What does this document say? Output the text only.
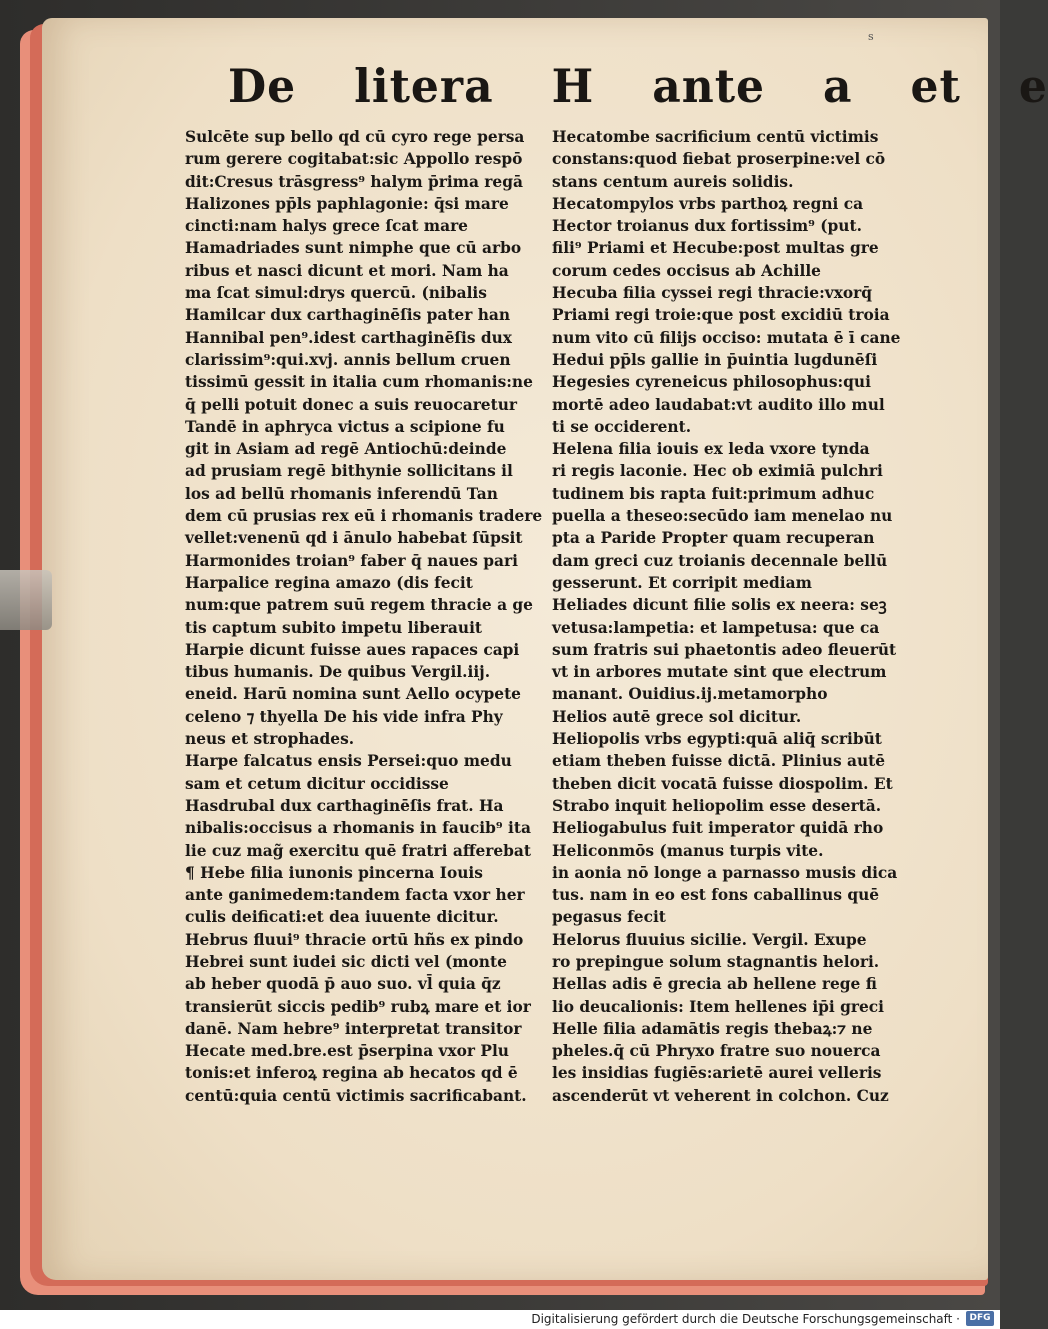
s
De litera H ante a et e
Sulcēte sup bello qd cū cyro rege persa
rum gerere cogitabat:sic Appollo respō
dit:Cresus trāsgress⁹ halym p̄rima regā
Halizones pp̄ls paphlagonie: q̄si mare
cincti:nam halys grece ſcat mare
Hamadriades sunt nimphe que cū arbo
ribus et nasci dicunt et mori. Nam ha
ma ſcat simul:drys quercū. (nibalis
Hamilcar dux carthaginēſis pater han
Hannibal pen⁹.idest carthaginēſis dux
clarissim⁹:qui.xvj. annis bellum cruen
tissimū gessit in italia cum rhomanis:ne
q̄ pelli potuit donec a suis reuocaretur
Tandē in aphryca victus a scipione fu
git in Asiam ad regē Antiochū:deinde
ad prusiam regē bithynie sollicitans il
los ad bellū rhomanis inferendū Tan
dem cū prusias rex eū i rhomanis tradere
vellet:venenū qd i ānulo habebat ſūpsit
Harmonides troian⁹ faber q̄ naues pari
Harpalice regina amazo (dis fecit
num:que patrem suū regem thracie a ge
tis captum subito impetu liberauit
Harpie dicunt fuisse aues rapaces capi
tibus humanis. De quibus Vergil.iij.
eneid. Harū nomina sunt Aello ocypete
celeno ⁊ thyella De his vide infra Phy
neus et strophades.
Harpe falcatus ensis Persei:quo medu
sam et cetum dicitur occidisse
Hasdrubal dux carthaginēſis frat. Ha
nibalis:occisus a rhomanis in faucib⁹ ita
lie cuz mag̃ exercitu quē fratri afferebat
¶ Hebe filia iunonis pincerna Iouis
ante ganimedem:tandem facta vxor her
culis deificati:et dea iuuente dicitur.
Hebrus fluui⁹ thracie ortū hñs ex pindo
Hebrei sunt iudei sic dicti vel (monte
ab heber quodā p̄ auo suo. vl̄ quia q̄z
transierūt siccis pedib⁹ rubꝝ mare et ior
danē. Nam hebre⁹ interpretat transitor
Hecate med.bre.est p̄serpina vxor Plu
tonis:et inferoꝝ regina ab hecatos qd ē
centū:quia centū victimis sacrificabant.
Hecatombe sacrificium centū victimis
constans:quod fiebat proserpine:vel cō
stans centum aureis solidis.
Hecatompylos vrbs parthoꝝ regni ca
Hector troianus dux fortissim⁹ (put.
fili⁹ Priami et Hecube:post multas gre
corum cedes occisus ab Achille
Hecuba filia cyssei regi thracie:vxorq̄
Priami regi troie:que post excidiū troia
num vito cū filijs occiso: mutata ē ī cane
Hedui pp̄ls gallie in p̄uintia lugdunēſi
Hegesies cyreneicus philosophus:qui
mortē adeo laudabat:vt audito illo mul
ti se occiderent.
Helena filia iouis ex leda vxore tynda
ri regis laconie. Hec ob eximiā pulchri
tudinem bis rapta fuit:primum adhuc
puella a theseo:secūdo iam menelao nu
pta a Paride Propter quam recuperan
dam greci cuz troianis decennale bellū
gesserunt. Et corripit mediam
Heliades dicunt filie solis ex neera: seꝫ
vetusa:lampetia: et lampetusa: que ca
sum fratris sui phaetontis adeo fleuerūt
vt in arbores mutate sint que electrum
manant. Ouidius.ij.metamorpho
Helios autē grece sol dicitur.
Heliopolis vrbs egypti:quā aliq̄ scribūt
etiam theben fuisse dictā. Plinius autē
theben dicit vocatā fuisse diospolim. Et
Strabo inquit heliopolim esse desertā.
Heliogabulus fuit imperator quidā rho
Heliconmōs (manus turpis vite.
in aonia nō longe a parnasso musis dica
tus. nam in eo est fons caballinus quē
pegasus fecit
Helorus fluuius sicilie. Vergil. Exupe
ro prepingue solum stagnantis helori.
Hellas adis ē grecia ab hellene rege fi
lio deucalionis: Item hellenes ip̄i greci
Helle filia adamātis regis thebaꝝ:⁊ ne
pheles.q̄ cū Phryxo fratre suo nouerca
les insidias fugiēs:arietē aurei velleris
ascenderūt vt veherent in colchon. Cuz
Digitalisierung gefördert durch die Deutsche Forschungsgemeinschaft ·	DFG
